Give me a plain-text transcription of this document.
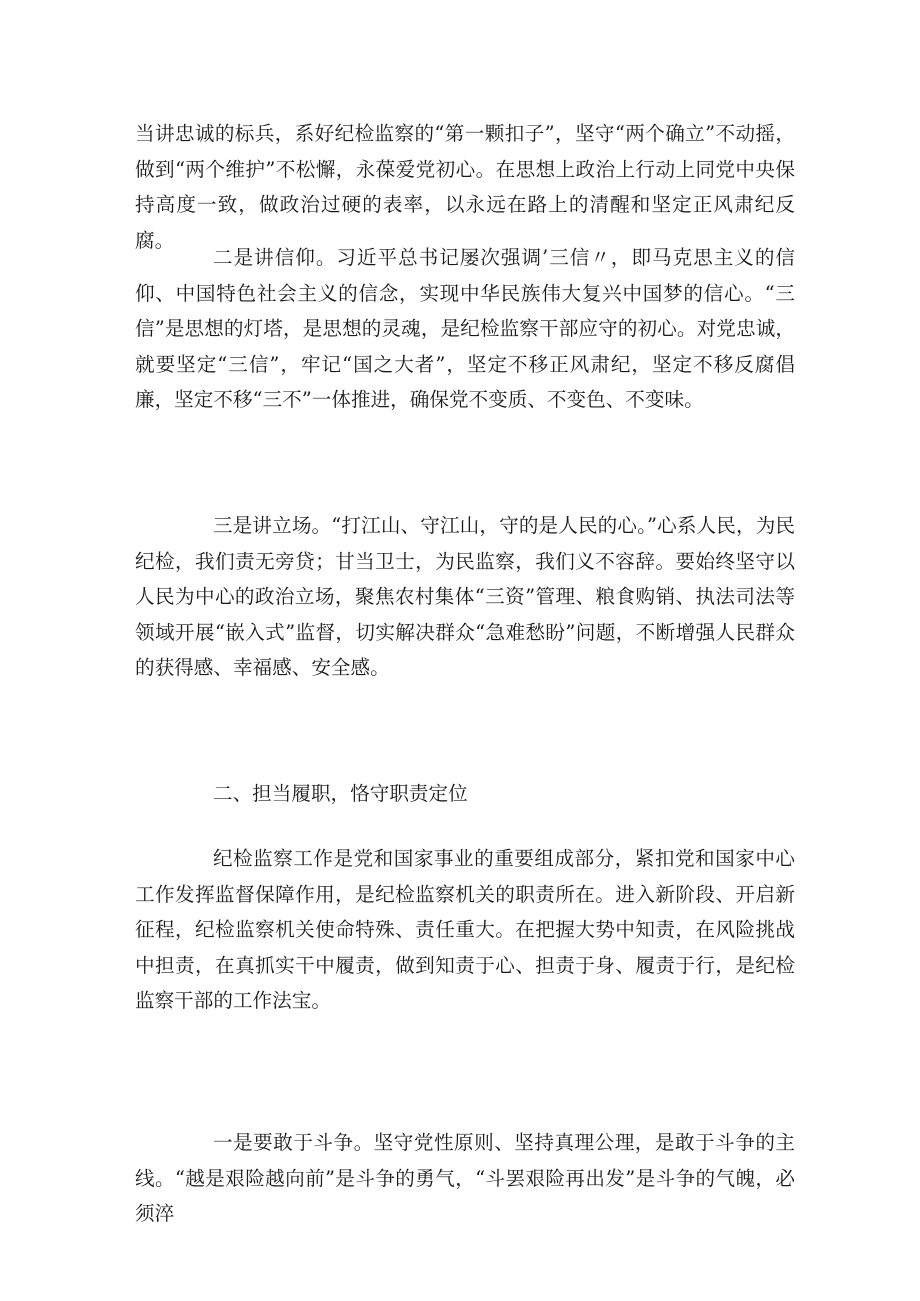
当讲忠诚的标兵，系好纪检监察的“第一颗扣子”，坚守“两个确立”不动摇，做到“两个维护”不松懈，永葆爱党初心。在思想上政治上行动上同党中央保持高度一致，做政治过硬的表率，以永远在路上的清醒和坚定正风肃纪反腐。

二是讲信仰。习近平总书记屡次强调’三信〃，即马克思主义的信仰、中国特色社会主义的信念，实现中华民族伟大复兴中国梦的信心。“三信”是思想的灯塔，是思想的灵魂，是纪检监察干部应守的初心。对党忠诚，就要坚定“三信”，牢记“国之大者”，坚定不移正风肃纪，坚定不移反腐倡廉，坚定不移“三不”一体推进，确保党不变质、不变色、不变味。

三是讲立场。“打江山、守江山，守的是人民的心。”心系人民，为民纪检，我们责无旁贷；甘当卫士，为民监察，我们义不容辞。要始终坚守以人民为中心的政治立场，聚焦农村集体“三资”管理、粮食购销、执法司法等领域开展“嵌入式”监督，切实解决群众“急难愁盼”问题，不断增强人民群众的获得感、幸福感、安全感。

二、担当履职，恪守职责定位

纪检监察工作是党和国家事业的重要组成部分，紧扣党和国家中心工作发挥监督保障作用，是纪检监察机关的职责所在。进入新阶段、开启新征程，纪检监察机关使命特殊、责任重大。在把握大势中知责，在风险挑战中担责，在真抓实干中履责，做到知责于心、担责于身、履责于行，是纪检监察干部的工作法宝。

一是要敢于斗争。坚守党性原则、坚持真理公理，是敢于斗争的主线。“越是艰险越向前”是斗争的勇气，“斗罢艰险再出发”是斗争的气魄，必须淬
